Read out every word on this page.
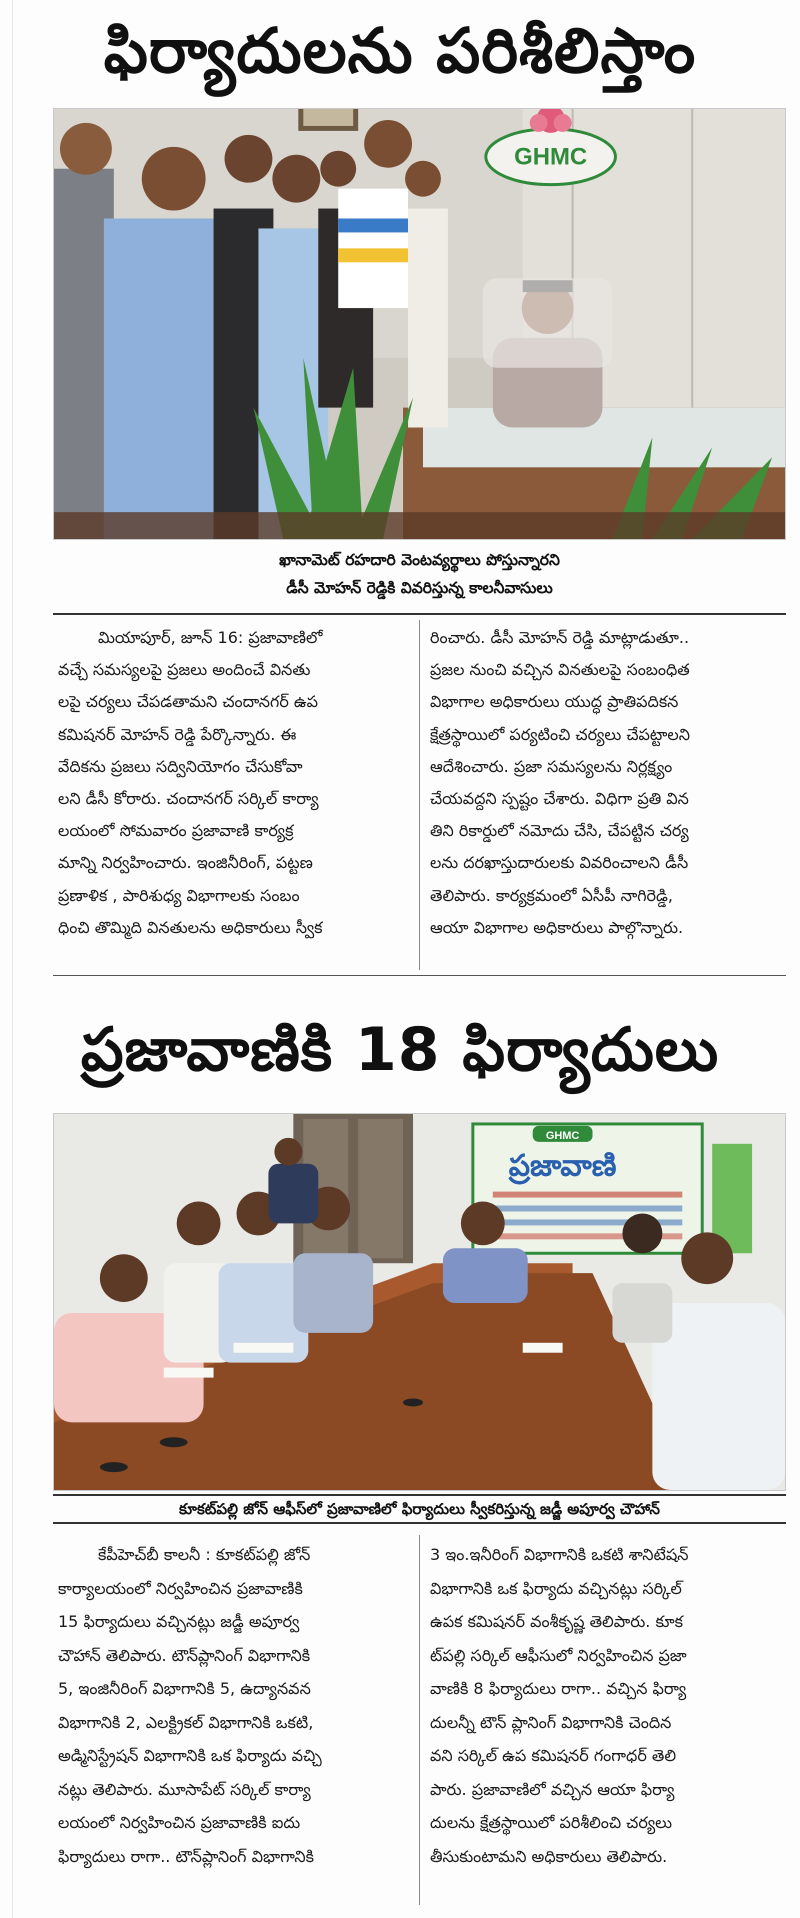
ఫిర్యాదులను పరిశీలిస్తాం
GHMC
ఖానామెట్ రహదారి వెంటవ్యర్థాలు పోస్తున్నారని
డీసీ మోహన్ రెడ్డికి వివరిస్తున్న కాలనీవాసులు
మియాపూర్, జూన్ 16: ప్రజావాణిలో
వచ్చే సమస్యలపై ప్రజలు అందించే వినతు
లపై చర్యలు చేపడతామని చందానగర్ ఉప
కమిషనర్ మోహన్ రెడ్డి పేర్కొన్నారు. ఈ
వేదికను ప్రజలు సద్వినియోగం చేసుకోవా
లని డీసీ కోరారు. చందానగర్ సర్కిల్ కార్యా
లయంలో సోమవారం ప్రజావాణి కార్యక్ర
మాన్ని నిర్వహించారు. ఇంజినీరింగ్, పట్టణ
ప్రణాళిక , పారిశుధ్య విభాగాలకు సంబం
ధించి తొమ్మిది వినతులను అధికారులు స్వీక
రించారు. డీసీ మోహన్ రెడ్డి మాట్లాడుతూ..
ప్రజల నుంచి వచ్చిన వినతులపై సంబంధిత
విభాగాల అధికారులు యుద్ధ ప్రాతిపదికన
క్షేత్రస్థాయిలో పర్యటించి చర్యలు చేపట్టాలని
ఆదేశించారు. ప్రజా సమస్యలను నిర్లక్ష్యం
చేయవద్దని స్పష్టం చేశారు. విధిగా ప్రతి విన
తిని రికార్డులో నమోదు చేసి, చేపట్టిన చర్య
లను దరఖాస్తుదారులకు వివరించాలని డీసీ
తెలిపారు. కార్యక్రమంలో ఏసీపీ నాగిరెడ్డి,
ఆయా విభాగాల అధికారులు పాల్గొన్నారు.
ప్రజావాణికి 18 ఫిర్యాదులు
GHMC
ప్రజావాణి
కూకట్‌పల్లి జోన్ ఆఫీస్‌లో ప్రజావాణిలో ఫిర్యాదులు స్వీకరిస్తున్న జడ్జీ అపూర్వ చౌహాన్
కేపీహెచ్‌బీ కాలనీ : కూకట్‌పల్లి జోన్
కార్యాలయంలో నిర్వహించిన ప్రజావాణికి
15 ఫిర్యాదులు వచ్చినట్లు జడ్జీ అపూర్వ
చౌహాన్ తెలిపారు. టౌన్‌ప్లానింగ్ విభాగానికి
5, ఇంజినీరింగ్ విభాగానికి 5, ఉద్యానవన
విభాగానికి 2, ఎలక్ట్రికల్ విభాగానికి ఒకటి,
అడ్మినిస్ట్రేషన్ విభాగానికి ఒక ఫిర్యాదు వచ్చి
నట్లు తెలిపారు. మూసాపేట్ సర్కిల్ కార్యా
లయంలో నిర్వహించిన ప్రజావాణికి ఐదు
ఫిర్యాదులు రాగా.. టౌన్‌ప్లానింగ్ విభాగానికి
3 ఇం.ఇనీరింగ్ విభాగానికి ఒకటి శానిటేషన్
విభాగానికి ఒక ఫిర్యాదు వచ్చినట్లు సర్కిల్
ఉపక కమిషనర్ వంశీకృష్ణ తెలిపారు. కూక
ట్‌పల్లి సర్కిల్ ఆఫీసులో నిర్వహించిన ప్రజా
వాణికి 8 ఫిర్యాదులు రాగా.. వచ్చిన ఫిర్యా
దులన్నీ టౌన్ ప్లానింగ్ విభాగానికి చెందిన
వని సర్కిల్ ఉప కమిషనర్ గంగాధర్ తెలి
పారు. ప్రజావాణిలో వచ్చిన ఆయా ఫిర్యా
దులను క్షేత్రస్థాయిలో పరిశీలించి చర్యలు
తీసుకుంటామని అధికారులు తెలిపారు.
